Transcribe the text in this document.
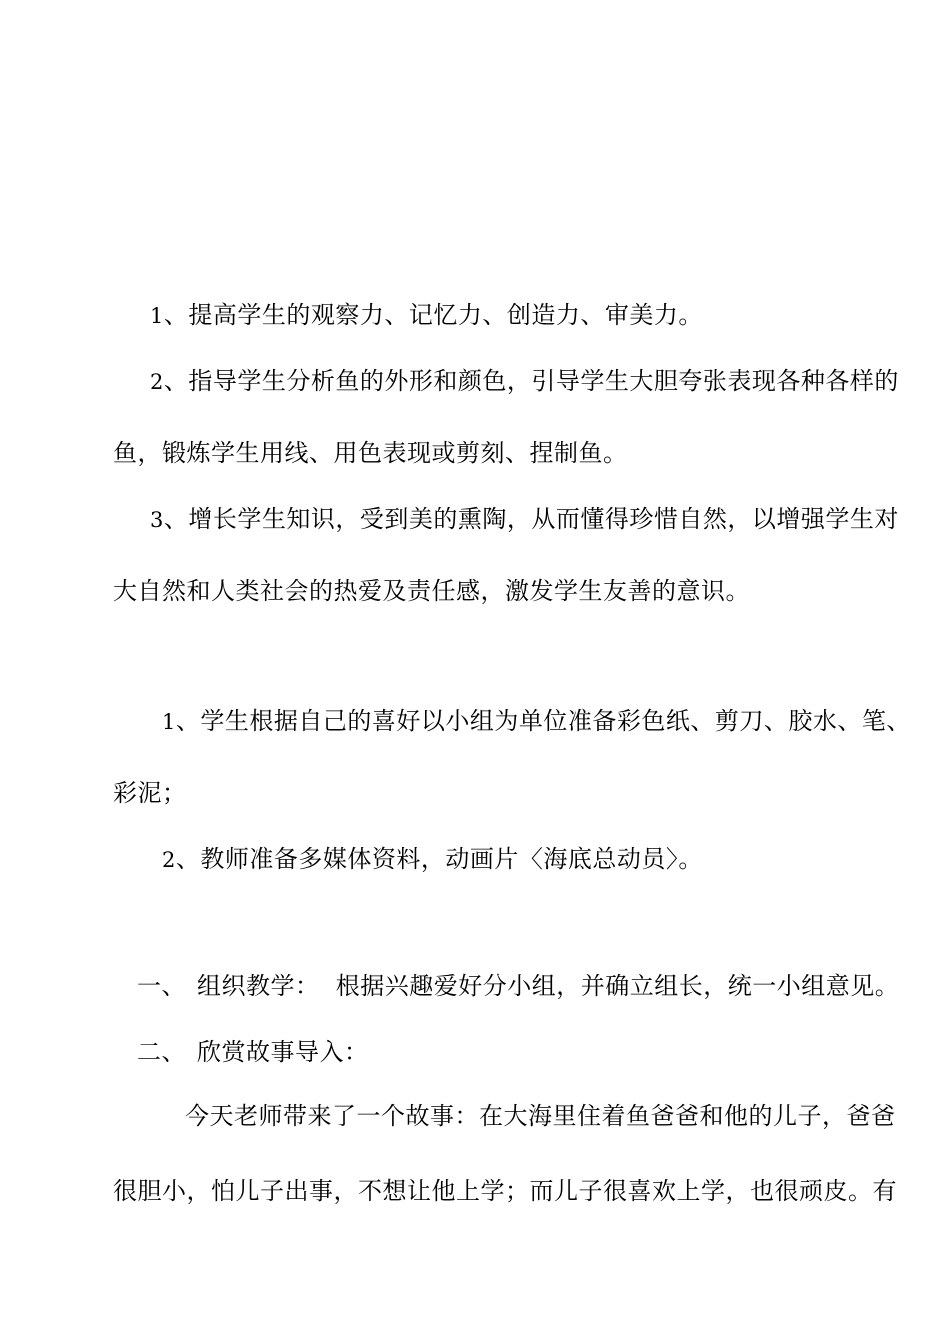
1、提高学生的观察力、记忆力、创造力、审美力。
2、指导学生分析鱼的外形和颜色，引导学生大胆夸张表现各种各样的
鱼，锻炼学生用线、用色表现或剪刻、捏制鱼。
3、增长学生知识，受到美的熏陶，从而懂得珍惜自然，以增强学生对
大自然和人类社会的热爱及责任感，激发学生友善的意识。
1、学生根据自己的喜好以小组为单位准备彩色纸、剪刀、胶水、笔、
彩泥；
2、教师准备多媒体资料，动画片〈海底总动员〉。
一、 组织教学：  根据兴趣爱好分小组，并确立组长，统一小组意见。
二、 欣赏故事导入：
今天老师带来了一个故事：在大海里住着鱼爸爸和他的儿子，爸爸
很胆小，怕儿子出事，不想让他上学；而儿子很喜欢上学，也很顽皮。有
